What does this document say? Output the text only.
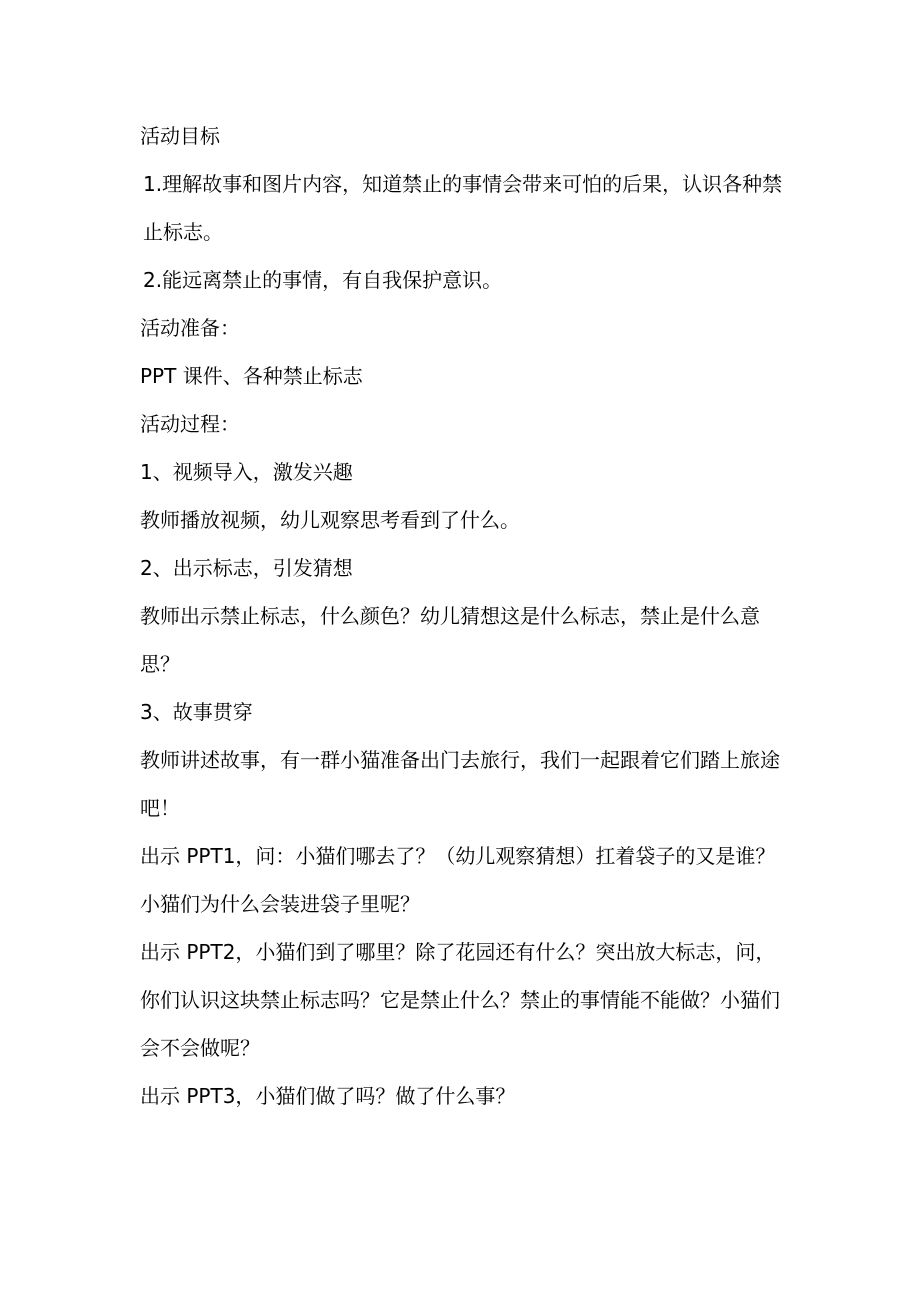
活动目标

1.理解故事和图片内容，知道禁止的事情会带来可怕的后果，认识各种禁止标志。

2.能远离禁止的事情，有自我保护意识。

活动准备：

PPT 课件、各种禁止标志

活动过程：

1、视频导入，激发兴趣

教师播放视频，幼儿观察思考看到了什么。

2、出示标志，引发猜想

教师出示禁止标志，什么颜色？幼儿猜想这是什么标志，禁止是什么意思？

3、故事贯穿

教师讲述故事，有一群小猫准备出门去旅行，我们一起跟着它们踏上旅途吧！

出示 PPT1，问：小猫们哪去了？（幼儿观察猜想）扛着袋子的又是谁？

小猫们为什么会装进袋子里呢？

出示 PPT2，小猫们到了哪里？除了花园还有什么？突出放大标志，问，你们认识这块禁止标志吗？它是禁止什么？禁止的事情能不能做？小猫们会不会做呢？

出示 PPT3，小猫们做了吗？做了什么事？
